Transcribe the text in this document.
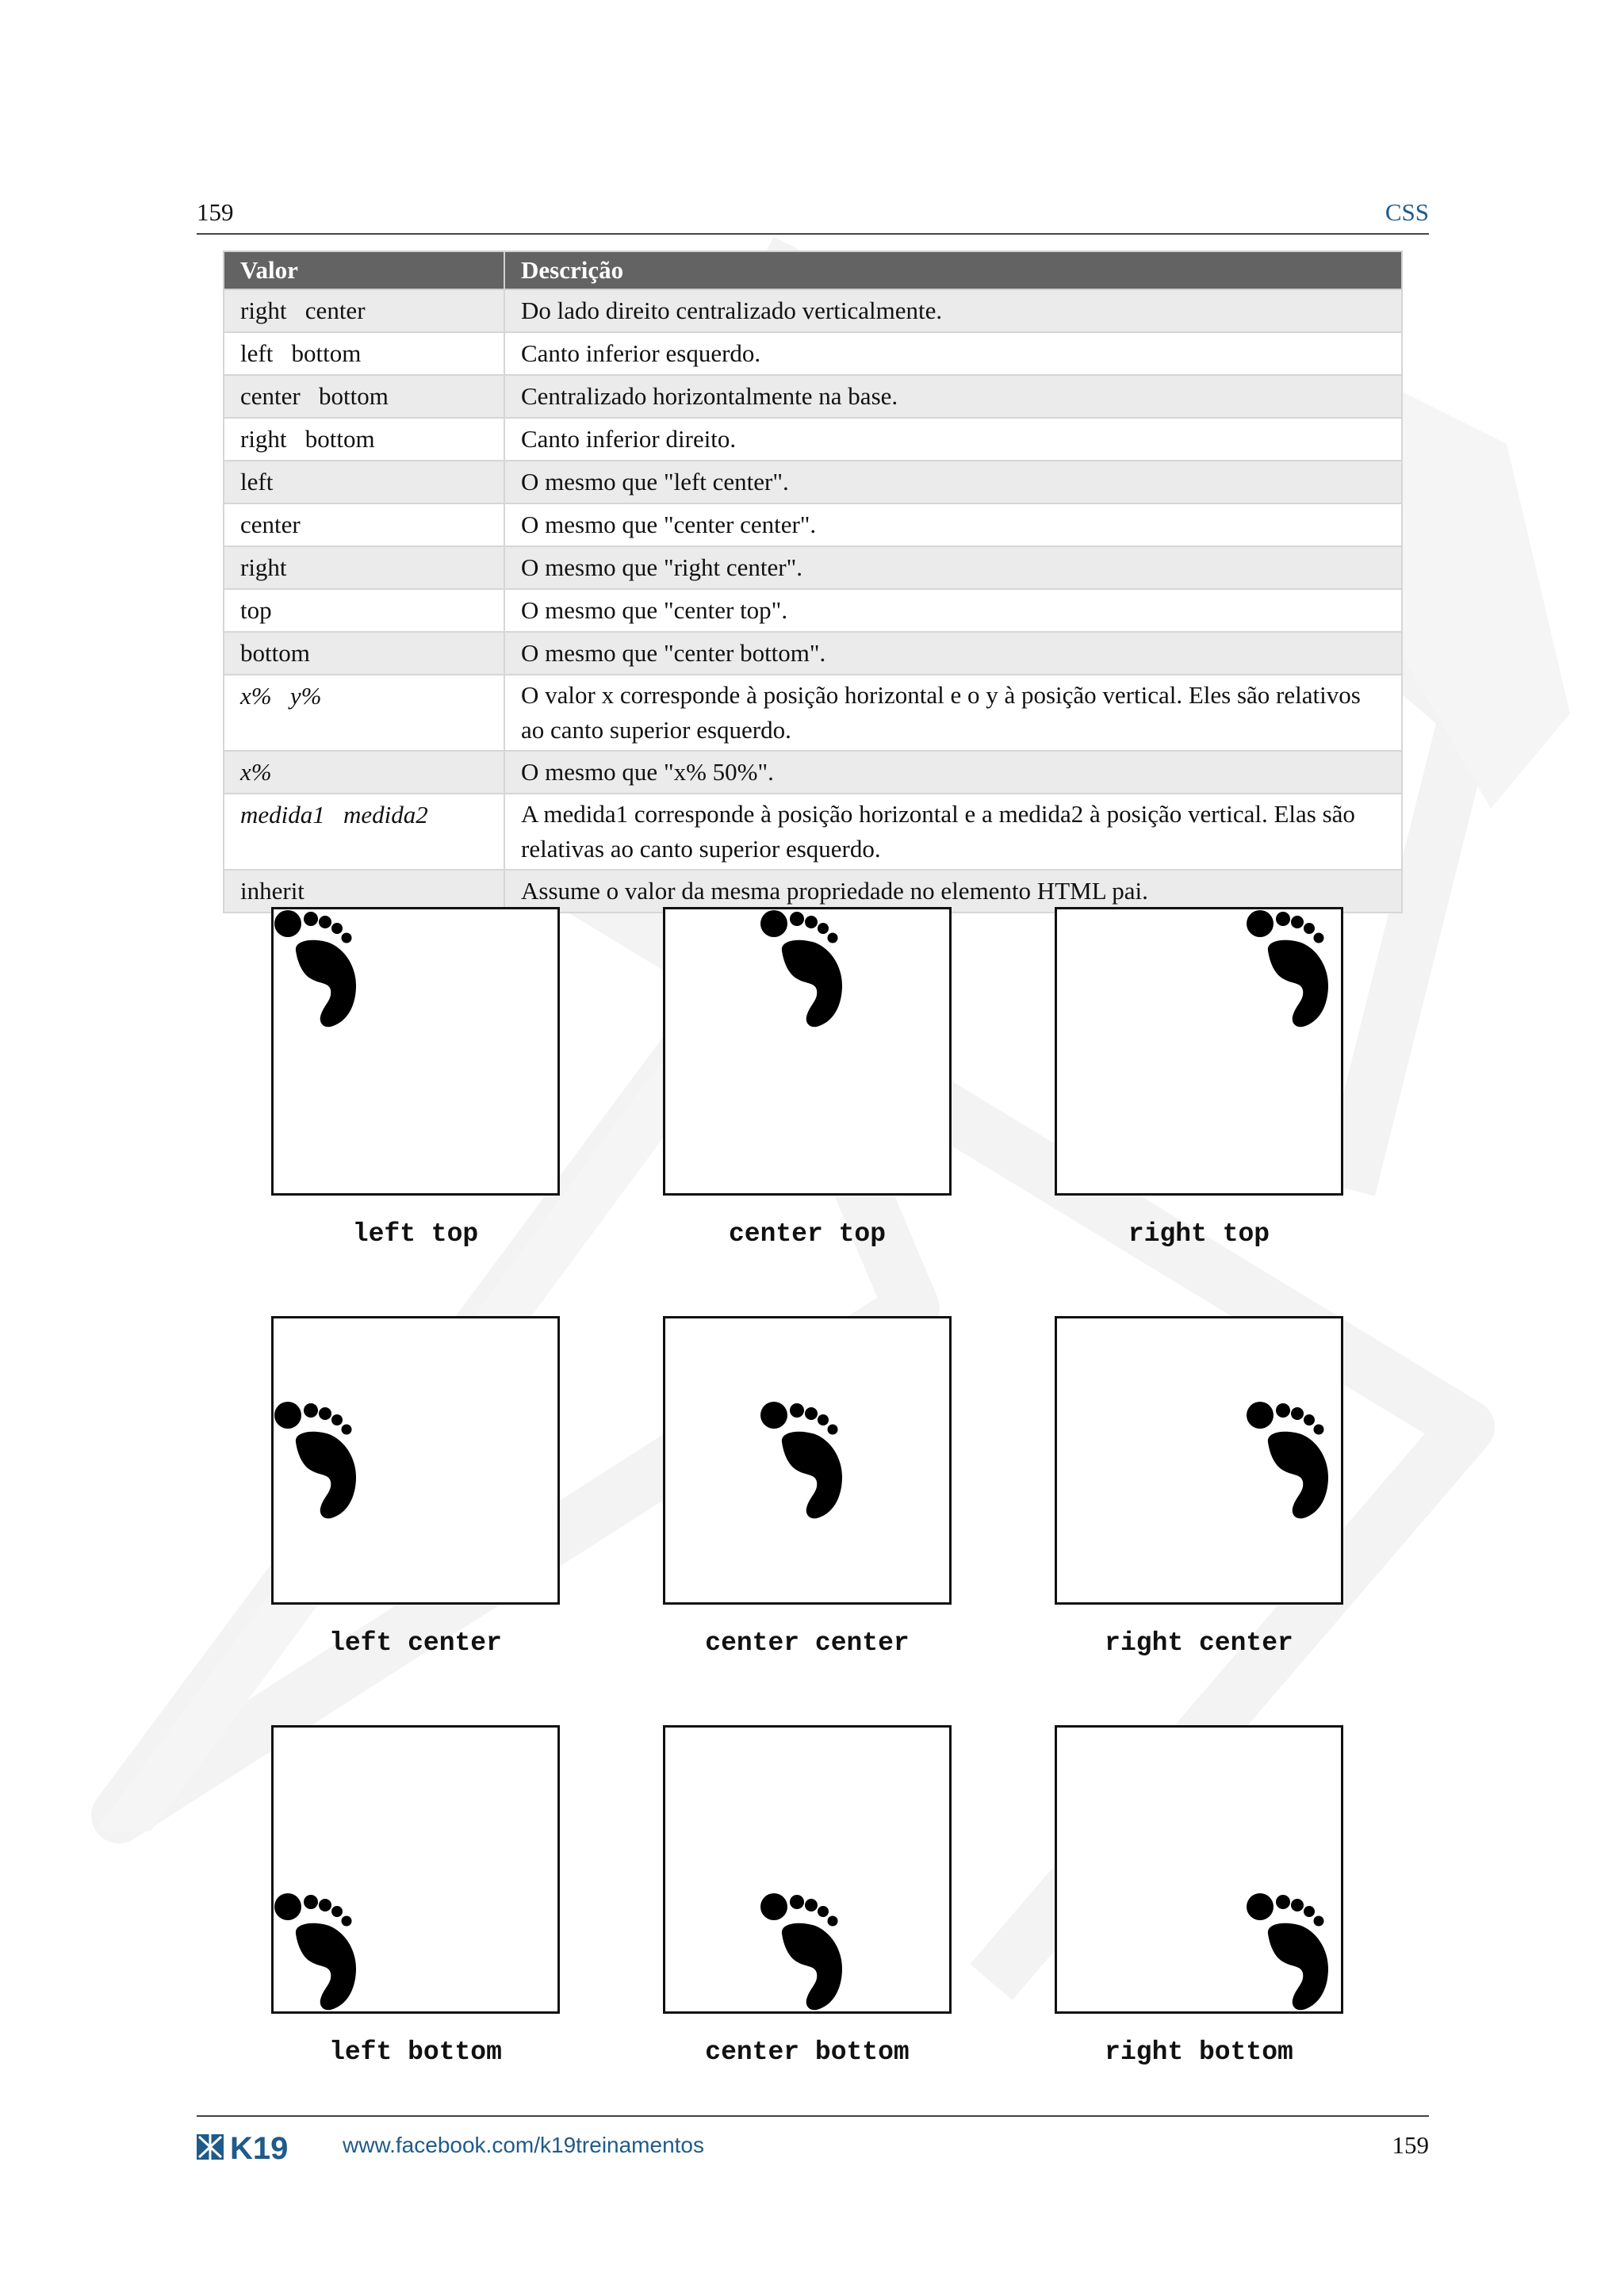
159	CSS
Valor	Descrição
right   center	Do lado direito centralizado verticalmente.
left   bottom	Canto inferior esquerdo.
center   bottom	Centralizado horizontalmente na base.
right   bottom	Canto inferior direito.
left	O mesmo que "left center".
center	O mesmo que "center center".
right	O mesmo que "right center".
top	O mesmo que "center top".
bottom	O mesmo que "center bottom".
x%   y%	O valor x corresponde à posição horizontal e o y à posição vertical. Eles são relativos ao canto superior esquerdo.
x%	O mesmo que "x% 50%".
medida1   medida2	A medida1 corresponde à posição horizontal e a medida2 à posição vertical. Elas são relativas ao canto superior esquerdo.
inherit	Assume o valor da mesma propriedade no elemento HTML pai.
left top	center top	right top
left center	center center	right center
left bottom	center bottom	right bottom
K19 www.facebook.com/k19treinamentos	159
